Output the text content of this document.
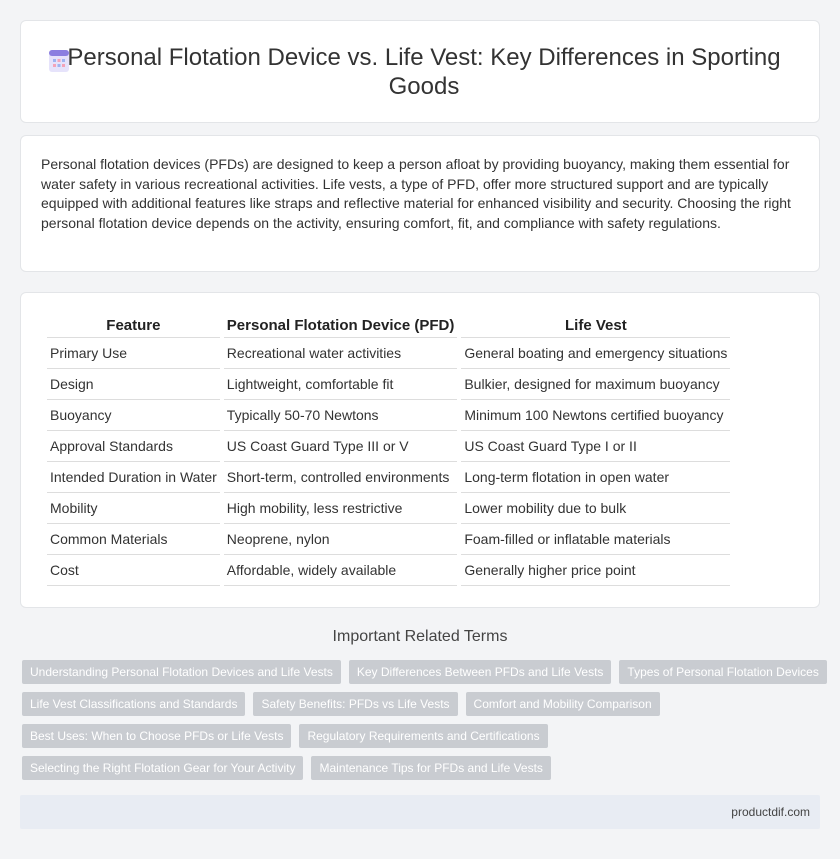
Personal Flotation Device vs. Life Vest: Key Differences in Sporting Goods

Personal flotation devices (PFDs) are designed to keep a person afloat by providing buoyancy, making them essential for water safety in various recreational activities. Life vests, a type of PFD, offer more structured support and are typically equipped with additional features like straps and reflective material for enhanced visibility and security. Choosing the right personal flotation device depends on the activity, ensuring comfort, fit, and compliance with safety regulations.

Feature	Personal Flotation Device (PFD)	Life Vest
Primary Use	Recreational water activities	General boating and emergency situations
Design	Lightweight, comfortable fit	Bulkier, designed for maximum buoyancy
Buoyancy	Typically 50-70 Newtons	Minimum 100 Newtons certified buoyancy
Approval Standards	US Coast Guard Type III or V	US Coast Guard Type I or II
Intended Duration in Water	Short-term, controlled environments	Long-term flotation in open water
Mobility	High mobility, less restrictive	Lower mobility due to bulk
Common Materials	Neoprene, nylon	Foam-filled or inflatable materials
Cost	Affordable, widely available	Generally higher price point
Important Related Terms
Understanding Personal Flotation Devices and Life Vests	Key Differences Between PFDs and Life Vests	Types of Personal Flotation Devices
Life Vest Classifications and Standards	Safety Benefits: PFDs vs Life Vests	Comfort and Mobility Comparison
Best Uses: When to Choose PFDs or Life Vests	Regulatory Requirements and Certifications
Selecting the Right Flotation Gear for Your Activity	Maintenance Tips for PFDs and Life Vests
productdif.com
